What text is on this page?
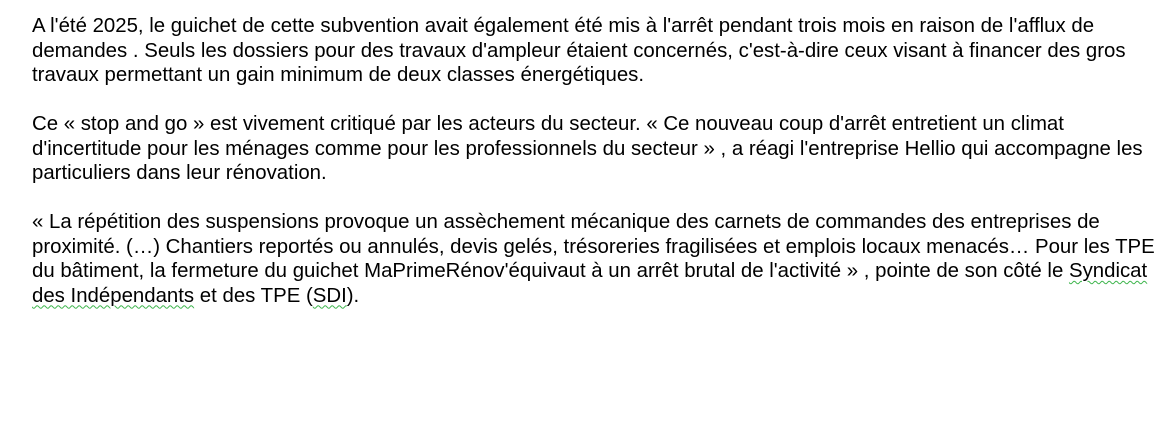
A l'été 2025, le guichet de cette subvention avait également été mis à l'arrêt pendant trois mois en raison de l'afflux de demandes . Seuls les dossiers pour des travaux d'ampleur étaient concernés, c'est-à-dire ceux visant à financer des gros travaux permettant un gain minimum de deux classes énergétiques.

Ce « stop and go » est vivement critiqué par les acteurs du secteur. « Ce nouveau coup d'arrêt entretient un climat d'incertitude pour les ménages comme pour les professionnels du secteur » , a réagi l'entreprise Hellio qui accompagne les particuliers dans leur rénovation.

« La répétition des suspensions provoque un assèchement mécanique des carnets de commandes des entreprises de proximité. (…) Chantiers reportés ou annulés, devis gelés, trésoreries fragilisées et emplois locaux menacés… Pour les TPE du bâtiment, la fermeture du guichet MaPrimeRénov'équivaut à un arrêt brutal de l'activité » , pointe de son côté le Syndicat des Indépendants et des TPE (SDI).
